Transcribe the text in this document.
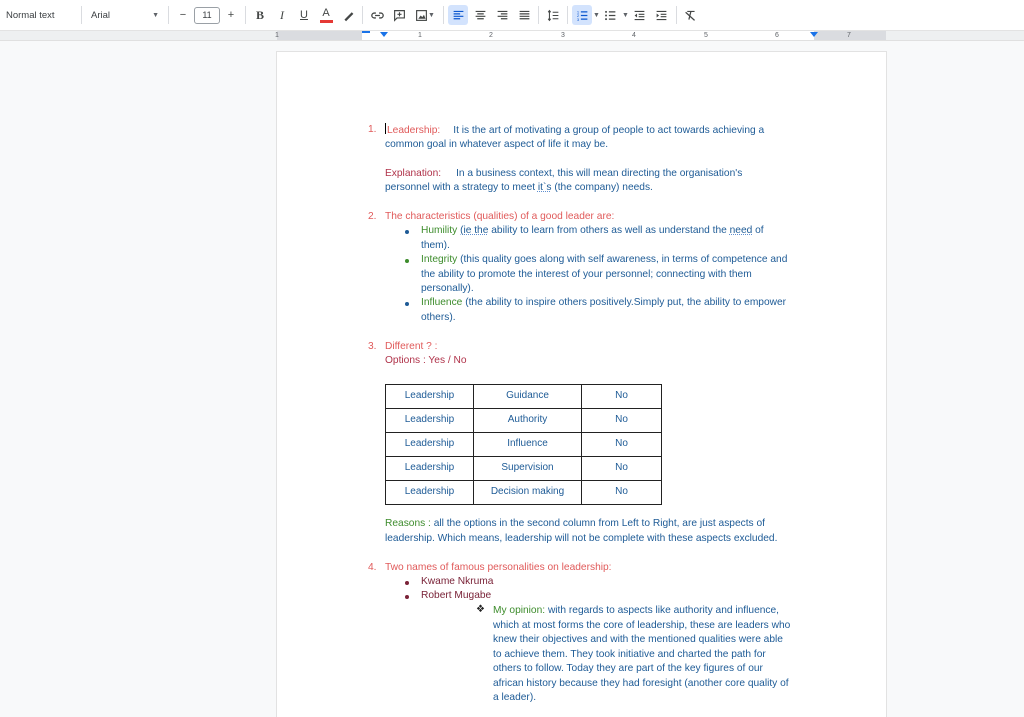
Normal text	Arial	▼	−	11	+	B	I	U	A	▼
1
2
3
▼	▼
1	1	2	3	4	5	6	7
1. Leadership: It is the art of motivating a group of people to act towards achieving a
common goal in whatever aspect of life it may be.
Explanation: In a business context, this will mean directing the organisation's
personnel with a strategy to meet it`s (the company) needs.
2. The characteristics (qualities) of a good leader are:
Humility (ie the ability to learn from others as well as understand the need of
them).
Integrity (this quality goes along with self awareness, in terms of competence and
the ability to promote the interest of your personnel; connecting with them
personally).
Influence (the ability to inspire others positively.Simply put, the ability to empower
others).
3. Different ? :
Options : Yes / No
Leadership	Guidance	No
Leadership	Authority	No
Leadership	Influence	No
Leadership	Supervision	No
Leadership	Decision making	No
Reasons : all the options in the second column from Left to Right, are just aspects of
leadership. Which means, leadership will not be complete with these aspects excluded.
4. Two names of famous personalities on leadership:
Kwame Nkruma
Robert Mugabe
❖ My opinion: with regards to aspects like authority and influence,
which at most forms the core of leadership, these are leaders who
knew their objectives and with the mentioned qualities were able
to achieve them. They took initiative and charted the path for
others to follow. Today they are part of the key figures of our
african history because they had foresight (another core quality of
a leader).
